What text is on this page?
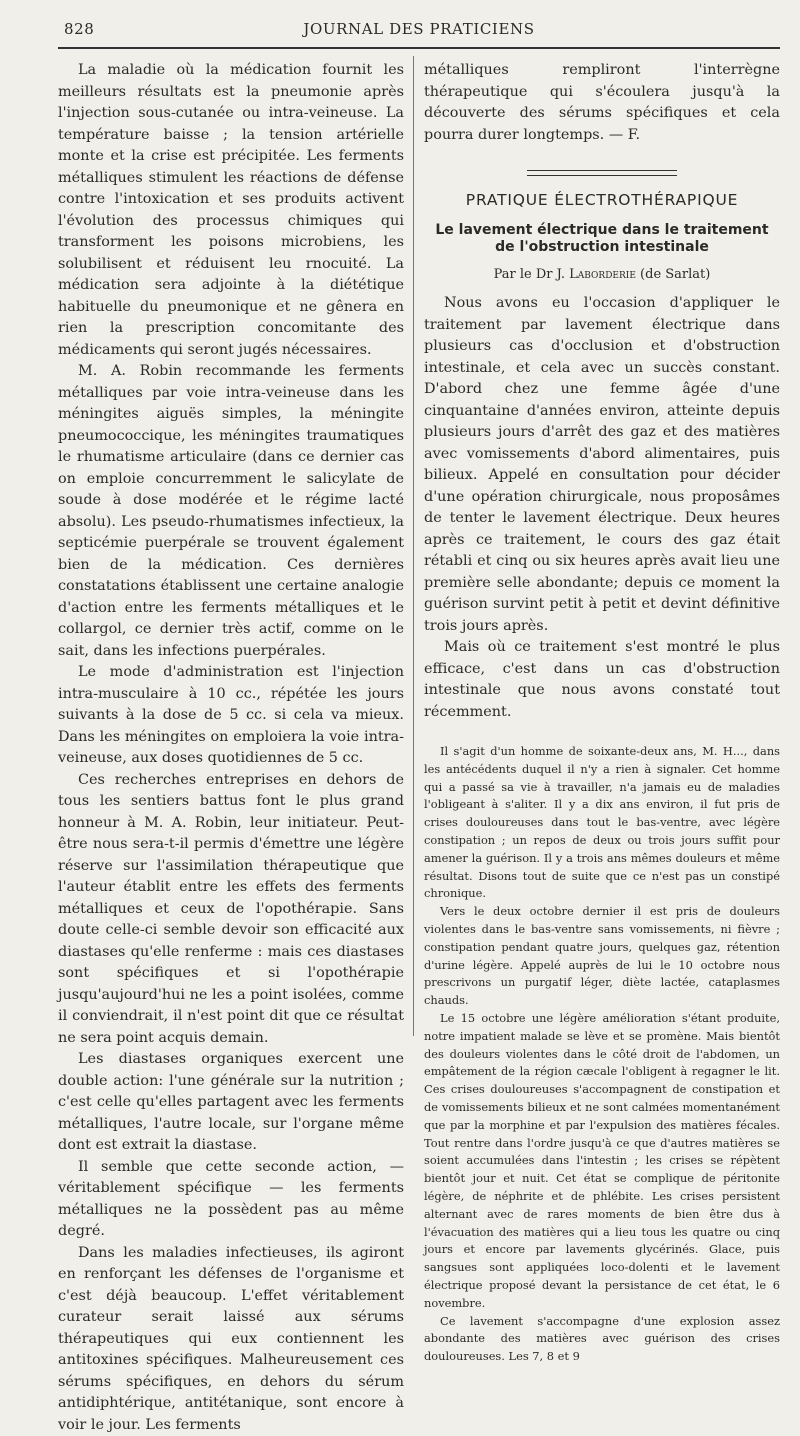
828	JOURNAL DES PRATICIENS

La maladie où la médication fournit les meilleurs résultats est la pneumonie après l'injection sous-cutanée ou intra-veineuse. La température baisse ; la tension artérielle monte et la crise est précipitée. Les ferments métalliques stimulent les réactions de défense contre l'intoxication et ses produits activent l'évolution des processus chimiques qui transforment les poisons microbiens, les solubilisent et réduisent leu rnocuité. La médication sera adjointe à la diététique habituelle du pneumonique et ne gênera en rien la prescription concomitante des médicaments qui seront jugés nécessaires.

M. A. Robin recommande les ferments métalliques par voie intra-veineuse dans les méningites aiguës simples, la méningite pneumococcique, les méningites traumatiques le rhumatisme articulaire (dans ce dernier cas on emploie concurremment le salicylate de soude à dose modérée et le régime lacté absolu). Les pseudo-rhumatismes infectieux, la septicémie puerpérale se trouvent également bien de la médication. Ces dernières constatations établissent une certaine analogie d'action entre les ferments métalliques et le collargol, ce dernier très actif, comme on le sait, dans les infections puerpérales.

Le mode d'administration est l'injection intra-musculaire à 10 cc., répétée les jours suivants à la dose de 5 cc. si cela va mieux. Dans les méningites on emploiera la voie intra-veineuse, aux doses quotidiennes de 5 cc.

Ces recherches entreprises en dehors de tous les sentiers battus font le plus grand honneur à M. A. Robin, leur initiateur. Peut-être nous sera-t-il permis d'émettre une légère réserve sur l'assimilation thérapeutique que l'auteur établit entre les effets des ferments métalliques et ceux de l'opothérapie. Sans doute celle-ci semble devoir son efficacité aux diastases qu'elle renferme : mais ces diastases sont spécifiques et si l'opothérapie jusqu'aujourd'hui ne les a point isolées, comme il conviendrait, il n'est point dit que ce résultat ne sera point acquis demain.

Les diastases organiques exercent une double action: l'une générale sur la nutrition ; c'est celle qu'elles partagent avec les ferments métalliques, l'autre locale, sur l'organe même dont est extrait la diastase.

Il semble que cette seconde action, — véritablement spécifique — les ferments métalliques ne la possèdent pas au même degré.

Dans les maladies infectieuses, ils agiront en renforçant les défenses de l'organisme et c'est déjà beaucoup. L'effet véritablement curateur serait laissé aux sérums thérapeutiques qui eux contiennent les antitoxines spécifiques. Malheureusement ces sérums spécifiques, en dehors du sérum antidiphtérique, antitétanique, sont encore à voir le jour. Les ferments

métalliques rempliront l'interrègne thérapeutique qui s'écoulera jusqu'à la découverte des sérums spécifiques et cela pourra durer longtemps. — F.

PRATIQUE ÉLECTROTHÉRAPIQUE
Le lavement électrique dans le traitement de l'obstruction intestinale
Par le Dr J. Laborderie (de Sarlat)

Nous avons eu l'occasion d'appliquer le traitement par lavement électrique dans plusieurs cas d'occlusion et d'obstruction intestinale, et cela avec un succès constant. D'abord chez une femme âgée d'une cinquantaine d'années environ, atteinte depuis plusieurs jours d'arrêt des gaz et des matières avec vomissements d'abord alimentaires, puis bilieux. Appelé en consultation pour décider d'une opération chirurgicale, nous proposâmes de tenter le lavement électrique. Deux heures après ce traitement, le cours des gaz était rétabli et cinq ou six heures après avait lieu une première selle abondante; depuis ce moment la guérison survint petit à petit et devint définitive trois jours après.

Mais où ce traitement s'est montré le plus efficace, c'est dans un cas d'obstruction intestinale que nous avons constaté tout récemment.

Il s'agit d'un homme de soixante-deux ans, M. H..., dans les antécédents duquel il n'y a rien à signaler. Cet homme qui a passé sa vie à travailler, n'a jamais eu de maladies l'obligeant à s'aliter. Il y a dix ans environ, il fut pris de crises douloureuses dans tout le bas-ventre, avec légère constipation ; un repos de deux ou trois jours suffit pour amener la guérison. Il y a trois ans mêmes douleurs et même résultat. Disons tout de suite que ce n'est pas un constipé chronique.

Vers le deux octobre dernier il est pris de douleurs violentes dans le bas-ventre sans vomissements, ni fièvre ; constipation pendant quatre jours, quelques gaz, rétention d'urine légère. Appelé auprès de lui le 10 octobre nous prescrivons un purgatif léger, diète lactée, cataplasmes chauds.

Le 15 octobre une légère amélioration s'étant produite, notre impatient malade se lève et se promène. Mais bientôt des douleurs violentes dans le côté droit de l'abdomen, un empâtement de la région cæcale l'obligent à regagner le lit. Ces crises douloureuses s'accompagnent de constipation et de vomissements bilieux et ne sont calmées momentanément que par la morphine et par l'expulsion des matières fécales. Tout rentre dans l'ordre jusqu'à ce que d'autres matières se soient accumulées dans l'intestin ; les crises se répètent bientôt jour et nuit. Cet état se complique de péritonite légère, de néphrite et de phlébite. Les crises persistent alternant avec de rares moments de bien être dus à l'évacuation des matières qui a lieu tous les quatre ou cinq jours et encore par lavements glycérinés. Glace, puis sangsues sont appliquées loco-dolenti et le lavement électrique proposé devant la persistance de cet état, le 6 novembre.

Ce lavement s'accompagne d'une explosion assez abondante des matières avec guérison des crises douloureuses. Les 7, 8 et 9
